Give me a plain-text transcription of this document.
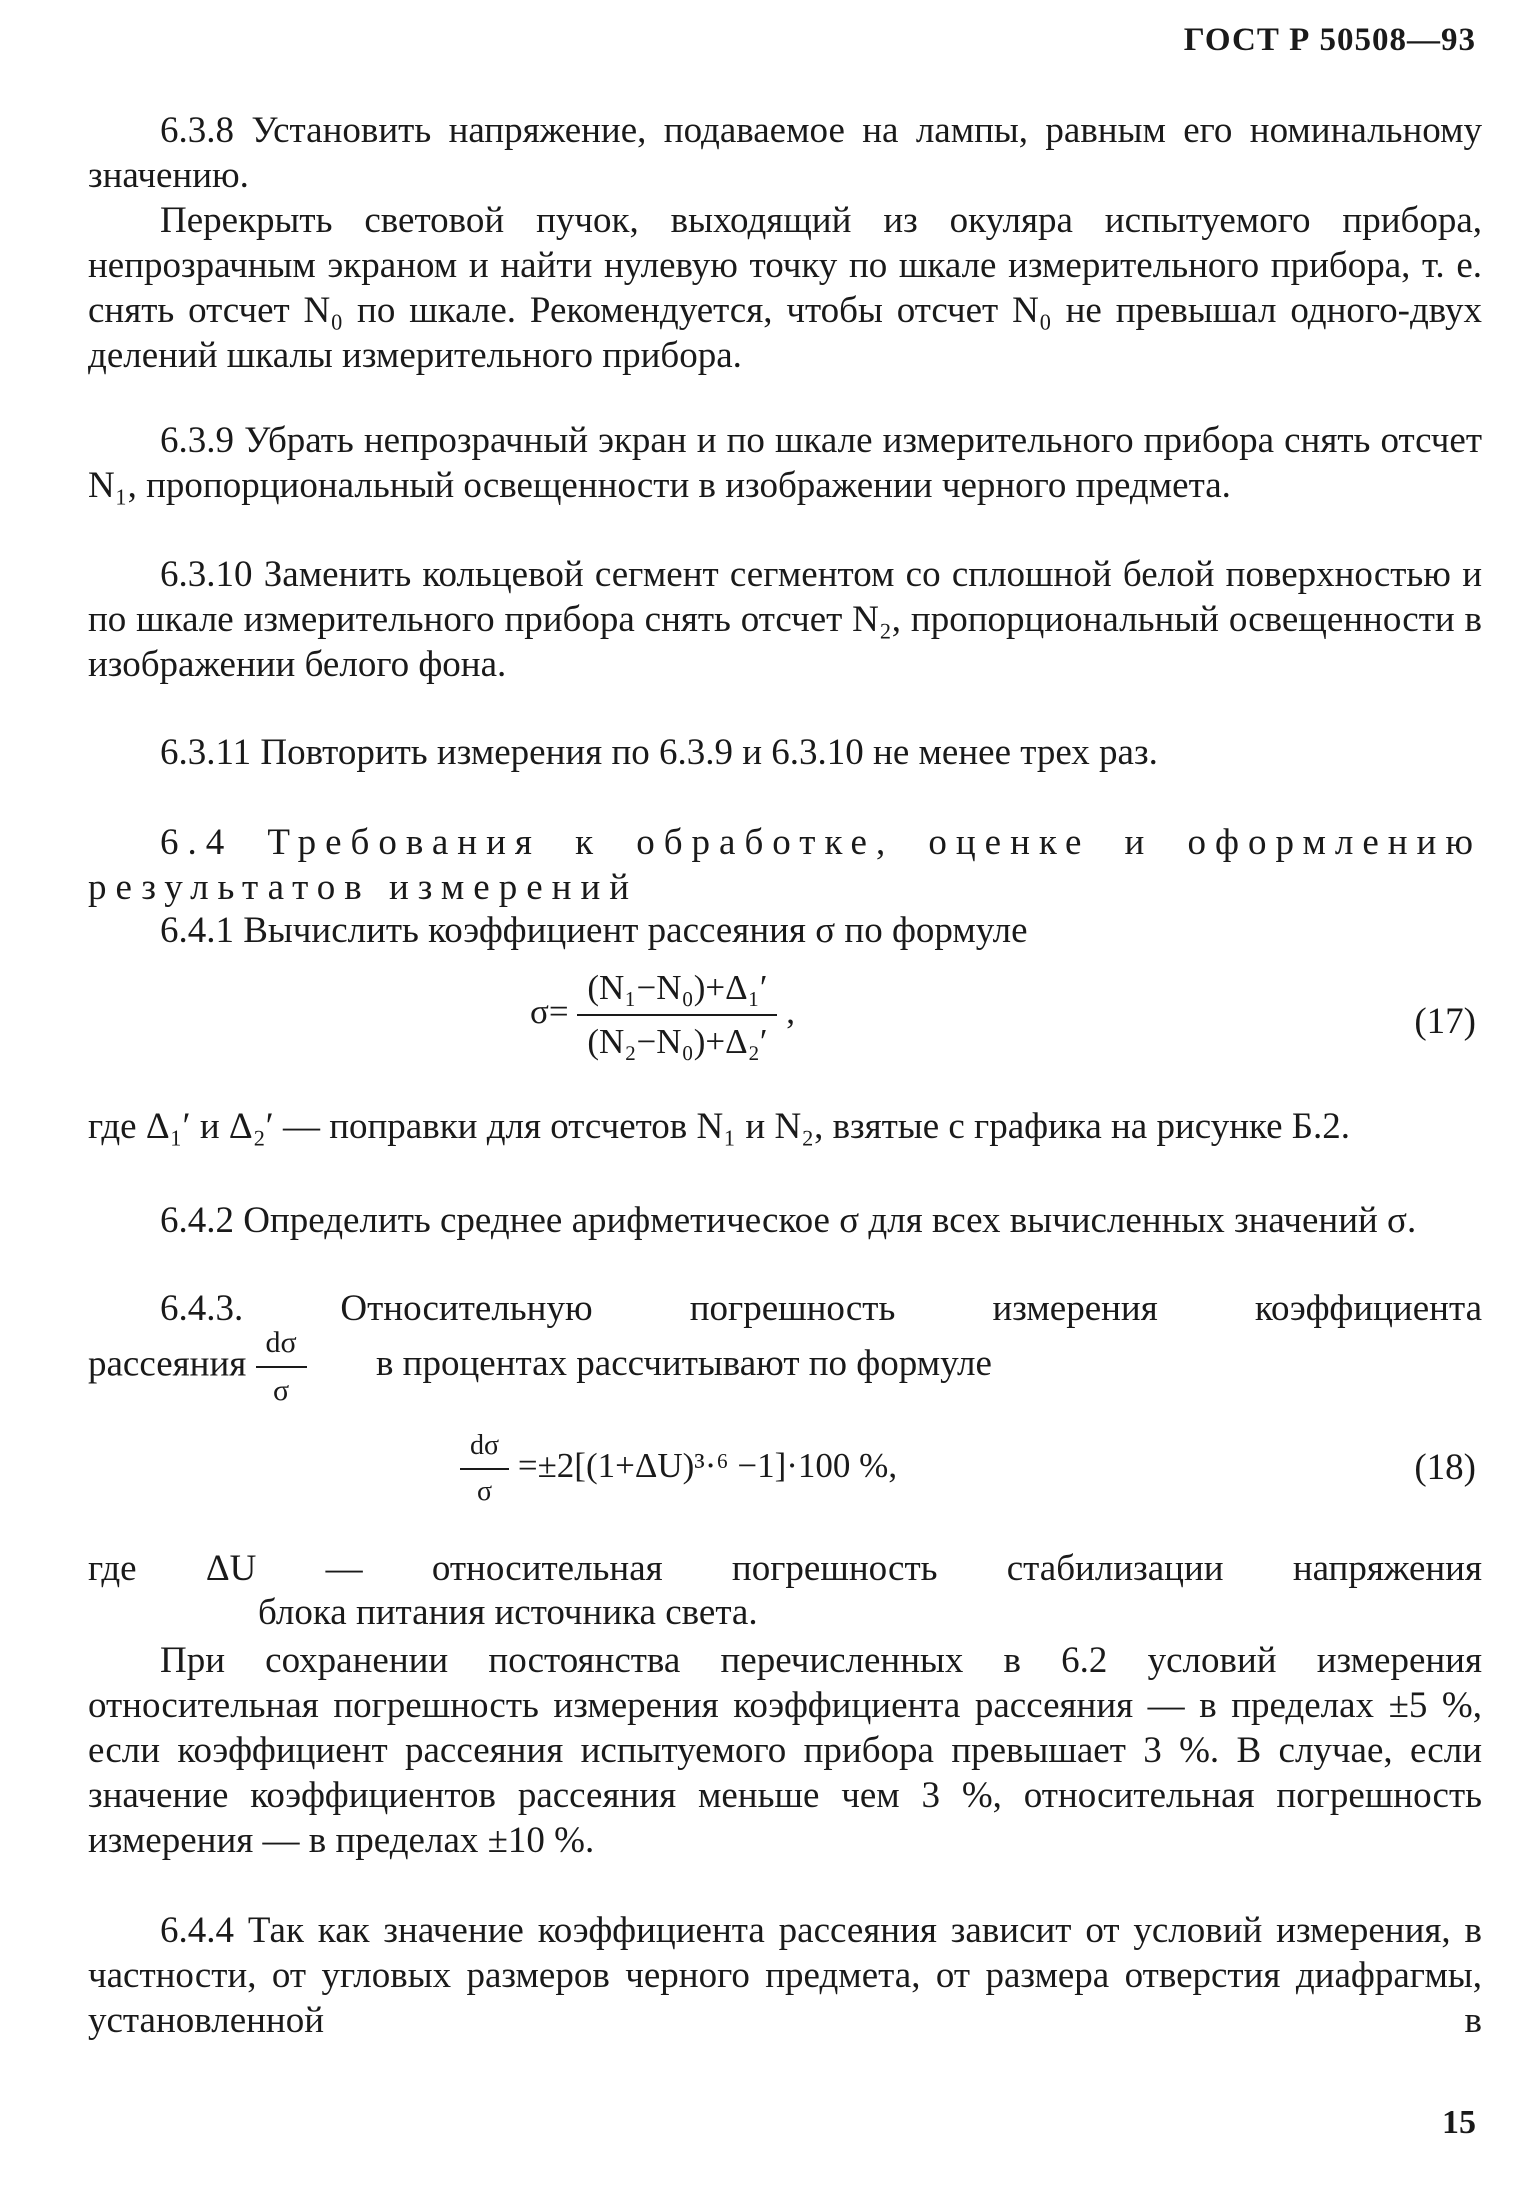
ГОСТ Р 50508—93
6.3.8 Установить напряжение, подаваемое на лампы, равным его номинальному значению.
Перекрыть световой пучок, выходящий из окуляра испытуемого прибора, непрозрачным экраном и найти нулевую точку по шкале измерительного прибора, т. е. снять отсчет N₀ по шкале. Рекомендуется, чтобы отсчет N₀ не превышал одного-двух делений шкалы измерительного прибора.
6.3.9 Убрать непрозрачный экран и по шкале измерительного прибора снять отсчет N₁, пропорциональный освещенности в изображении черного предмета.
6.3.10 Заменить кольцевой сегмент сегментом со сплошной белой поверхностью и по шкале измерительного прибора снять отсчет N₂, пропорциональный освещенности в изображении белого фона.
6.3.11 Повторить измерения по 6.3.9 и 6.3.10 не менее трех раз.
6.4 Требования к обработке, оценке и оформлению результатов измерений
6.4.1 Вычислить коэффициент рассеяния σ по формуле
$\sigma= \frac{\text{(N₁−N₀)+Δ₁′}}{\text{(N₂−N₀)+Δ₂′}}$ ,	(17)
где Δ₁′ и Δ₂′ — поправки для отсчетов N₁ и N₂, взятые с графика на рисунке Б.2.
6.4.2 Определить среднее арифметическое σ для всех вычисленных значений σ.
6.4.3. Относительную погрешность измерения коэффициента
рассеяния $\frac{d\sigma}{\sigma}$ в процентах рассчитывают по формуле
$\frac{d\sigma}{\sigma} =\pm 2[(1+\Delta U)^3\cdot^6 -1]\cdot 100$ %,	(18)
где ΔU — относительная погрешность стабилизации напряжения
блока питания источника света.
При сохранении постоянства перечисленных в 6.2 условий измерения относительная погрешность измерения коэффициента рассеяния — в пределах ±5 %, если коэффициент рассеяния испытуемого прибора превышает 3 %. В случае, если значение коэффициентов рассеяния меньше чем 3 %, относительная погрешность измерения — в пределах ±10 %.
6.4.4 Так как значение коэффициента рассеяния зависит от условий измерения, в частности, от угловых размеров черного предмета, от размера отверстия диафрагмы, установленной в
15
